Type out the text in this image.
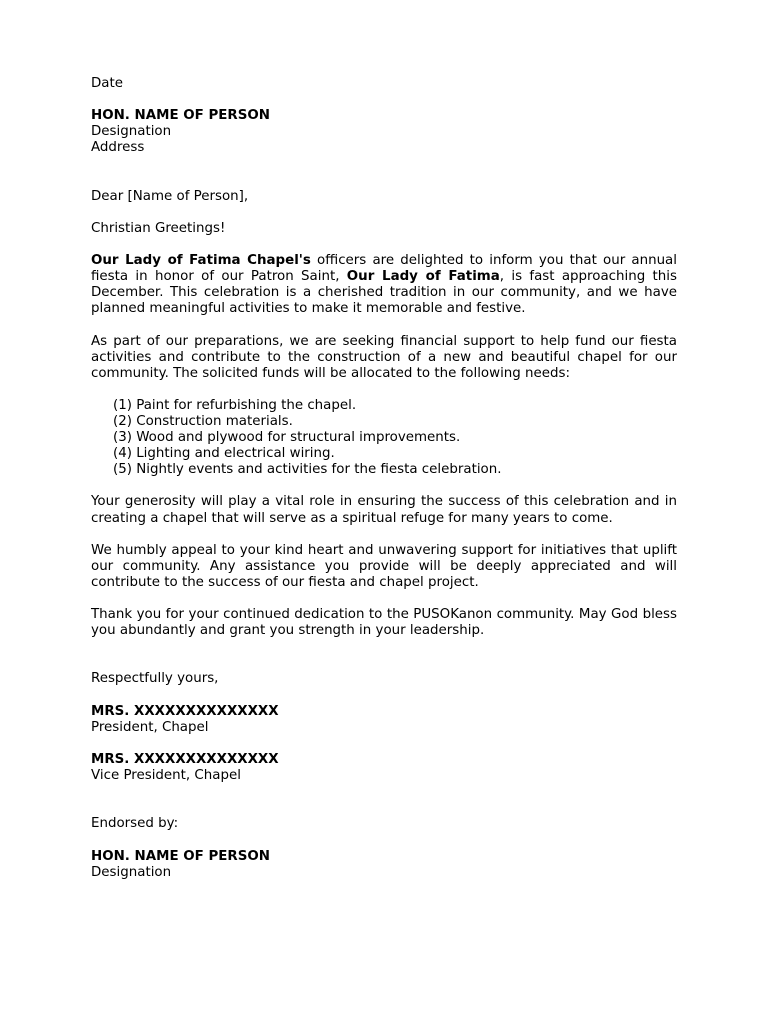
Date
HON. NAME OF PERSON
Designation
Address
Dear [Name of Person],
Christian Greetings!

Our Lady of Fatima Chapel's officers are delighted to inform you that our annual fiesta in honor of our Patron Saint, Our Lady of Fatima, is fast approaching this December. This celebration is a cherished tradition in our community, and we have planned meaningful activities to make it memorable and festive.

As part of our preparations, we are seeking financial support to help fund our fiesta activities and contribute to the construction of a new and beautiful chapel for our community. The solicited funds will be allocated to the following needs:

(1) Paint for refurbishing the chapel.
(2) Construction materials.
(3) Wood and plywood for structural improvements.
(4) Lighting and electrical wiring.
(5) Nightly events and activities for the fiesta celebration.

Your generosity will play a vital role in ensuring the success of this celebration and in creating a chapel that will serve as a spiritual refuge for many years to come.

We humbly appeal to your kind heart and unwavering support for initiatives that uplift our community. Any assistance you provide will be deeply appreciated and will contribute to the success of our fiesta and chapel project.

Thank you for your continued dedication to the PUSOKanon community. May God bless you abundantly and grant you strength in your leadership.

Respectfully yours,
MRS. XXXXXXXXXXXXXX
President, Chapel
MRS. XXXXXXXXXXXXXX
Vice President, Chapel
Endorsed by:
HON. NAME OF PERSON
Designation
